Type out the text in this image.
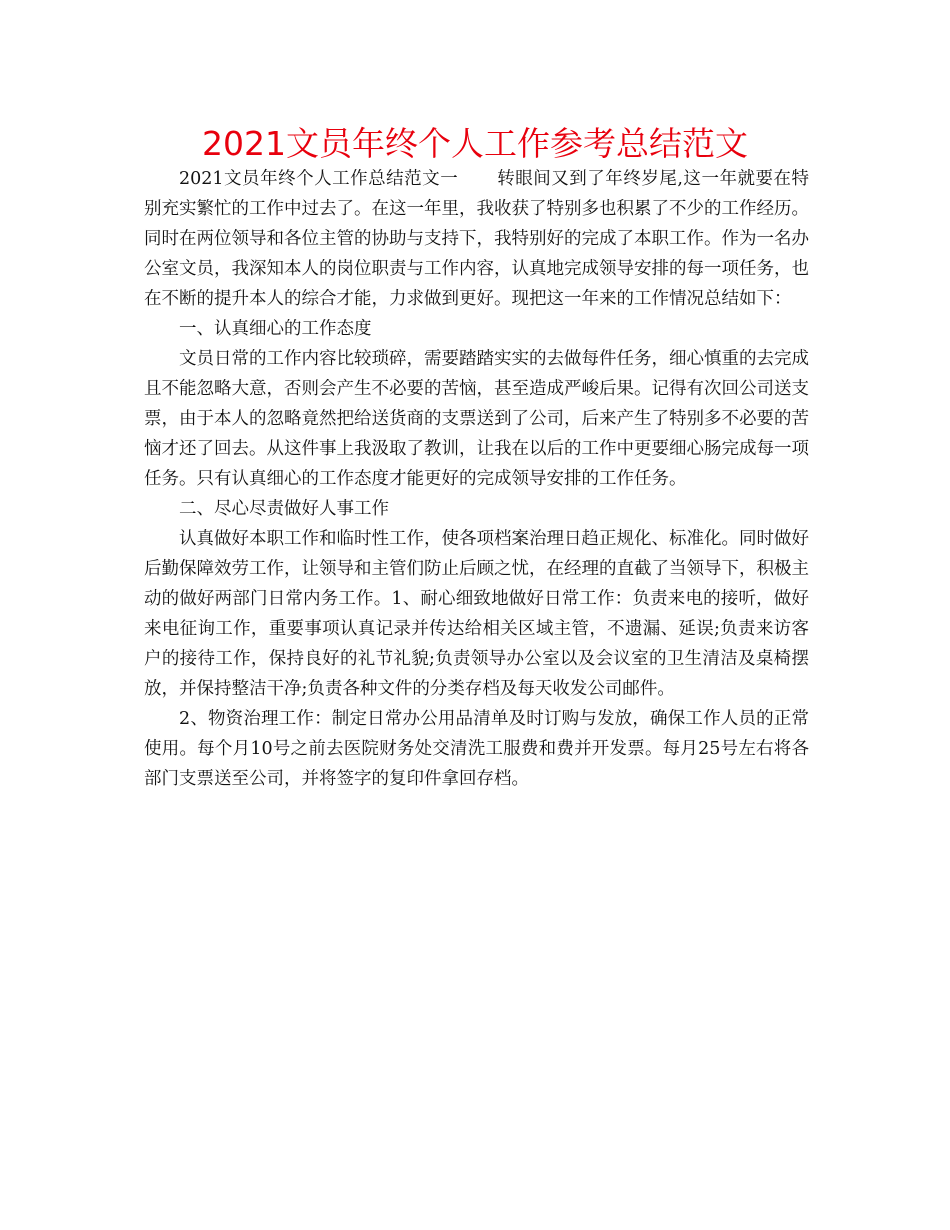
2021文员年终个人工作参考总结范文

2021文员年终个人工作总结范文一 转眼间又到了年终岁尾,这一年就要在特别充实繁忙的工作中过去了。在这一年里，我收获了特别多也积累了不少的工作经历。同时在两位领导和各位主管的协助与支持下，我特别好的完成了本职工作。作为一名办公室文员，我深知本人的岗位职责与工作内容，认真地完成领导安排的每一项任务，也在不断的提升本人的综合才能，力求做到更好。现把这一年来的工作情况总结如下：

一、认真细心的工作态度

文员日常的工作内容比较琐碎，需要踏踏实实的去做每件任务，细心慎重的去完成且不能忽略大意，否则会产生不必要的苦恼，甚至造成严峻后果。记得有次回公司送支票，由于本人的忽略竟然把给送货商的支票送到了公司，后来产生了特别多不必要的苦恼才还了回去。从这件事上我汲取了教训，让我在以后的工作中更要细心肠完成每一项任务。只有认真细心的工作态度才能更好的完成领导安排的工作任务。

二、尽心尽责做好人事工作

认真做好本职工作和临时性工作，使各项档案治理日趋正规化、标准化。同时做好后勤保障效劳工作，让领导和主管们防止后顾之忧，在经理的直截了当领导下，积极主动的做好两部门日常内务工作。1、耐心细致地做好日常工作：负责来电的接听，做好来电征询工作，重要事项认真记录并传达给相关区域主管，不遗漏、延误;负责来访客户的接待工作，保持良好的礼节礼貌;负责领导办公室以及会议室的卫生清洁及桌椅摆放，并保持整洁干净;负责各种文件的分类存档及每天收发公司邮件。

2、物资治理工作：制定日常办公用品清单及时订购与发放，确保工作人员的正常使用。每个月10号之前去医院财务处交清洗工服费和费并开发票。每月25号左右将各部门支票送至公司，并将签字的复印件拿回存档。
